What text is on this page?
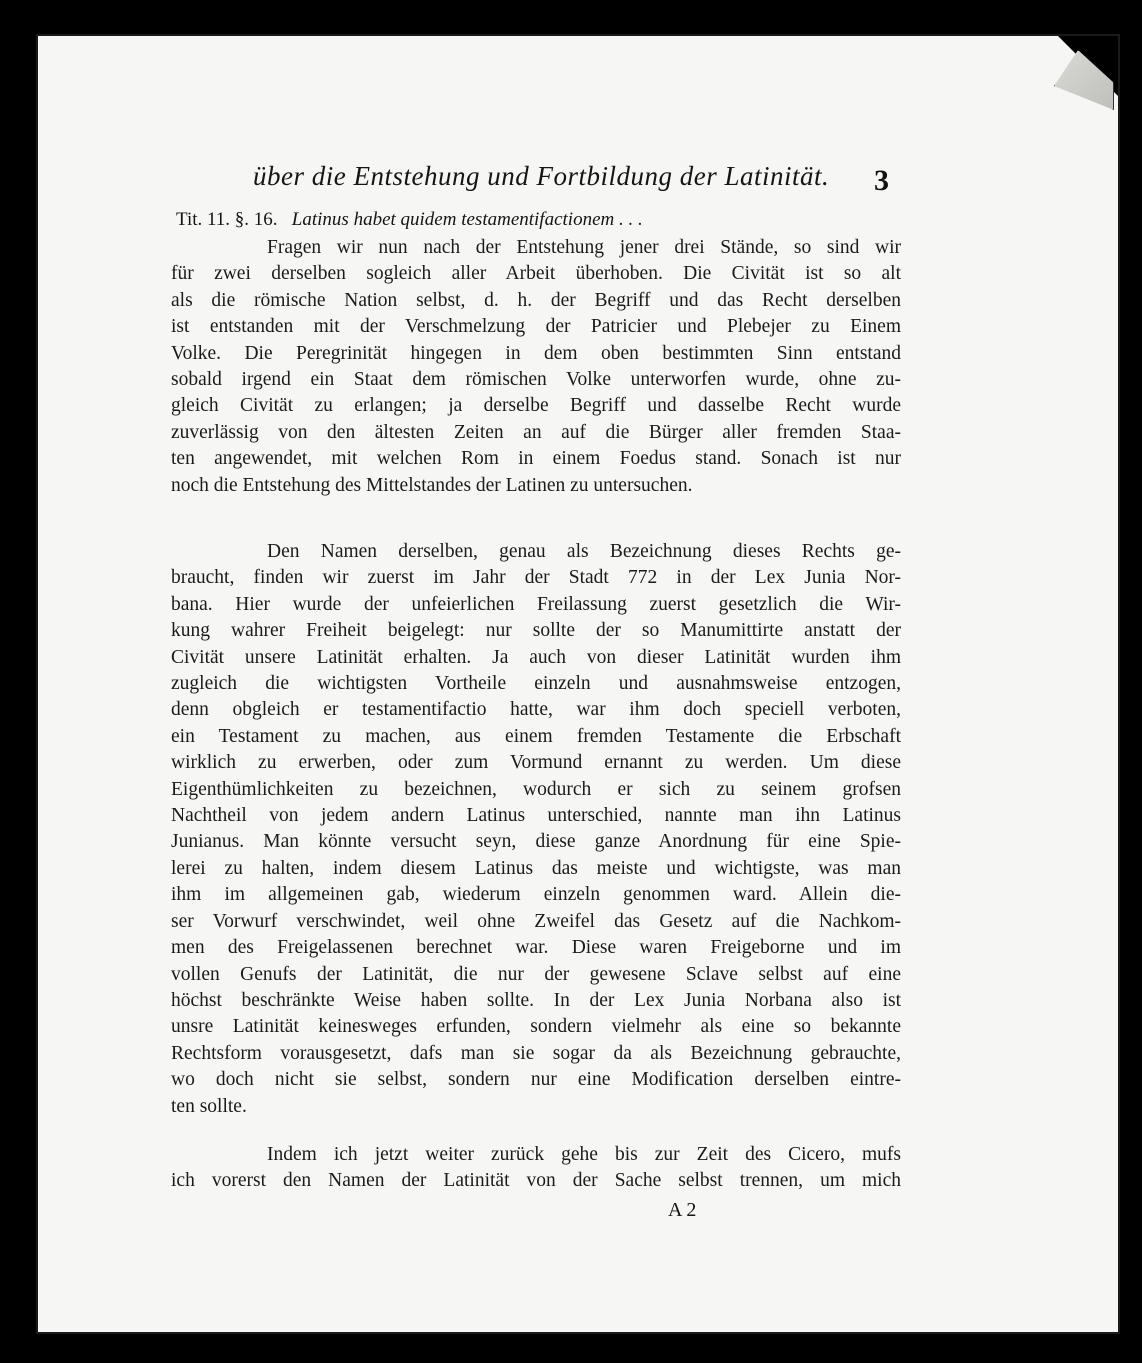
über die Entstehung und Fortbildung der Latinität.	3
Tit. 11. §. 16. Latinus habet quidem testamentifactionem . . .
Fragen wir nun nach der Entstehung jener drei Stände, so sind wir
für zwei derselben sogleich aller Arbeit überhoben. Die Civität ist so alt
als die römische Nation selbst, d. h. der Begriff und das Recht derselben
ist entstanden mit der Verschmelzung der Patricier und Plebejer zu Einem
Volke. Die Peregrinität hingegen in dem oben bestimmten Sinn entstand
sobald irgend ein Staat dem römischen Volke unterworfen wurde, ohne zu-
gleich Civität zu erlangen; ja derselbe Begriff und dasselbe Recht wurde
zuverlässig von den ältesten Zeiten an auf die Bürger aller fremden Staa-
ten angewendet, mit welchen Rom in einem Foedus stand. Sonach ist nur
noch die Entstehung des Mittelstandes der Latinen zu untersuchen.
Den Namen derselben, genau als Bezeichnung dieses Rechts ge-
braucht, finden wir zuerst im Jahr der Stadt 772 in der Lex Junia Nor-
bana. Hier wurde der unfeierlichen Freilassung zuerst gesetzlich die Wir-
kung wahrer Freiheit beigelegt: nur sollte der so Manumittirte anstatt der
Civität unsere Latinität erhalten. Ja auch von dieser Latinität wurden ihm
zugleich die wichtigsten Vortheile einzeln und ausnahmsweise entzogen,
denn obgleich er testamentifactio hatte, war ihm doch speciell verboten,
ein Testament zu machen, aus einem fremden Testamente die Erbschaft
wirklich zu erwerben, oder zum Vormund ernannt zu werden. Um diese
Eigenthümlichkeiten zu bezeichnen, wodurch er sich zu seinem grofsen
Nachtheil von jedem andern Latinus unterschied, nannte man ihn Latinus
Junianus. Man könnte versucht seyn, diese ganze Anordnung für eine Spie-
lerei zu halten, indem diesem Latinus das meiste und wichtigste, was man
ihm im allgemeinen gab, wiederum einzeln genommen ward. Allein die-
ser Vorwurf verschwindet, weil ohne Zweifel das Gesetz auf die Nachkom-
men des Freigelassenen berechnet war. Diese waren Freigeborne und im
vollen Genufs der Latinität, die nur der gewesene Sclave selbst auf eine
höchst beschränkte Weise haben sollte. In der Lex Junia Norbana also ist
unsre Latinität keinesweges erfunden, sondern vielmehr als eine so bekannte
Rechtsform vorausgesetzt, dafs man sie sogar da als Bezeichnung gebrauchte,
wo doch nicht sie selbst, sondern nur eine Modification derselben eintre-
ten sollte.
Indem ich jetzt weiter zurück gehe bis zur Zeit des Cicero, mufs
ich vorerst den Namen der Latinität von der Sache selbst trennen, um mich
A 2
